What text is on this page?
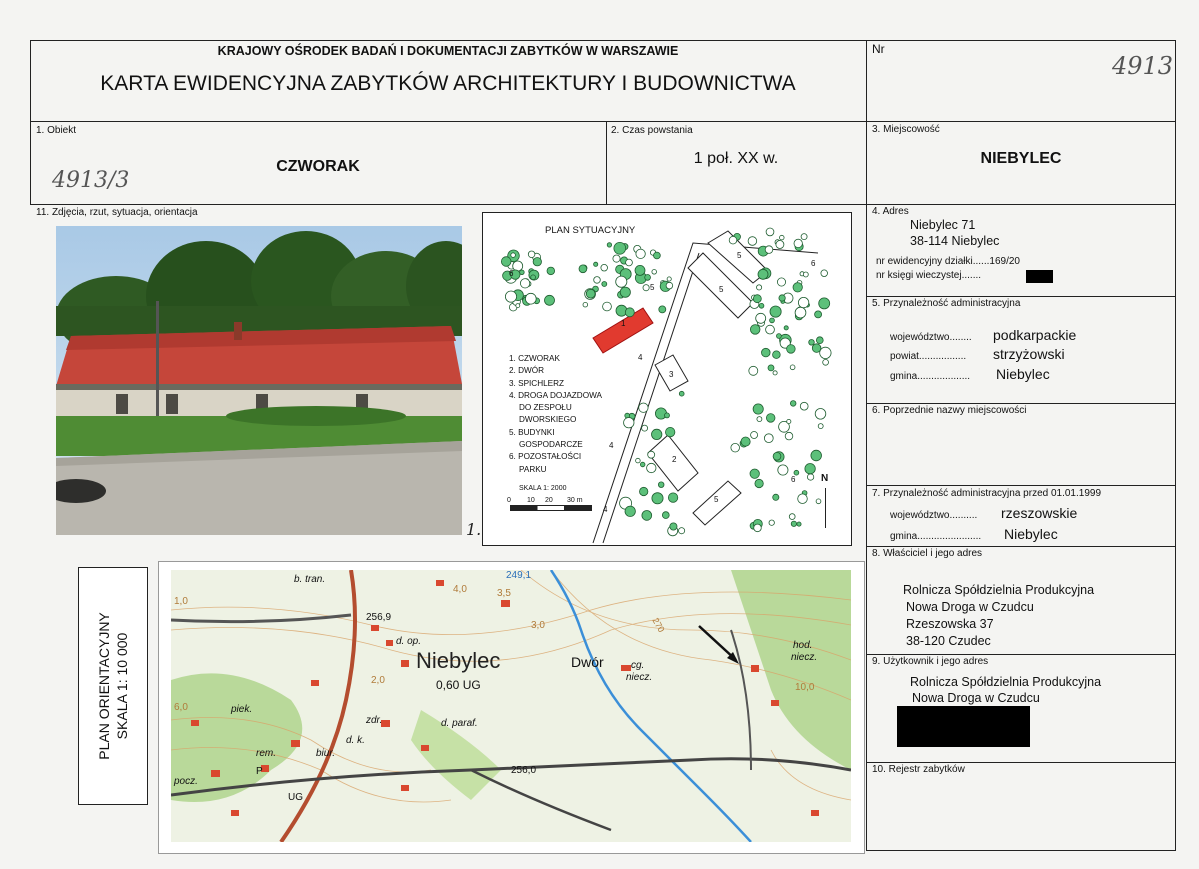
KRAJOWY OŚRODEK BADAŃ I DOKUMENTACJI ZABYTKÓW W WARSZAWIE
KARTA EWIDENCYJNA ZABYTKÓW ARCHITEKTURY I BUDOWNICTWA
Nr
4913
1. Obiekt
CZWORAK
4913/3
2. Czas powstania
1 poł. XX w.
3. Miejscowość
NIEBYLEC
11. Zdjęcia, rzut, sytuacja, orientacja
1.
PLAN SYTUACYJNY
1. CZWORAK
2. DWÓR
3. SPICHLERZ
4. DROGA DOJAZDOWA
DO ZESPOŁU
DWORSKIEGO
5. BUDYNKI
GOSPODARCZE
6. POZOSTAŁOŚCI
PARKU
SKALA 1: 2000
0 10 20 30 m
N
1
2
3
4
4
4
5	5
5
5
6
6
6
4. Adres
Niebylec 71
38-114 Niebylec
nr ewidencyjny działki......169/20
nr księgi wieczystej.......
5. Przynależność administracyjna
województwo........ podkarpackie
powiat................. strzyżowski
gmina................... Niebylec
6. Poprzednie nazwy miejscowości
7. Przynależność administracyjna przed 01.01.1999
województwo.......... rzeszowskie
gmina....................... Niebylec
8. Właściciel i jego adres
Rolnicza Spółdzielnia Produkcyjna
Nowa Droga w Czudcu
Rzeszowska 37
38-120 Czudec
9. Użytkownik i jego adres
Rolnicza Spółdzielnia Produkcyjna
Nowa Droga w Czudcu
10. Rejestr zabytków
PLAN ORIENTACYJNY SKALA 1: 10 000	Niebylec
b. tran.
256,9
d. op.
0,60 UG
Dwór	cg.
niecz.
hod.
niecz.
piek.
zdr.	d. paraf.
d. k.
rem.	biur.
pocz.
P
UG
256,0
249,1
270
4,0	3,5
3,0
2,0
6,0
1,0
10,0
